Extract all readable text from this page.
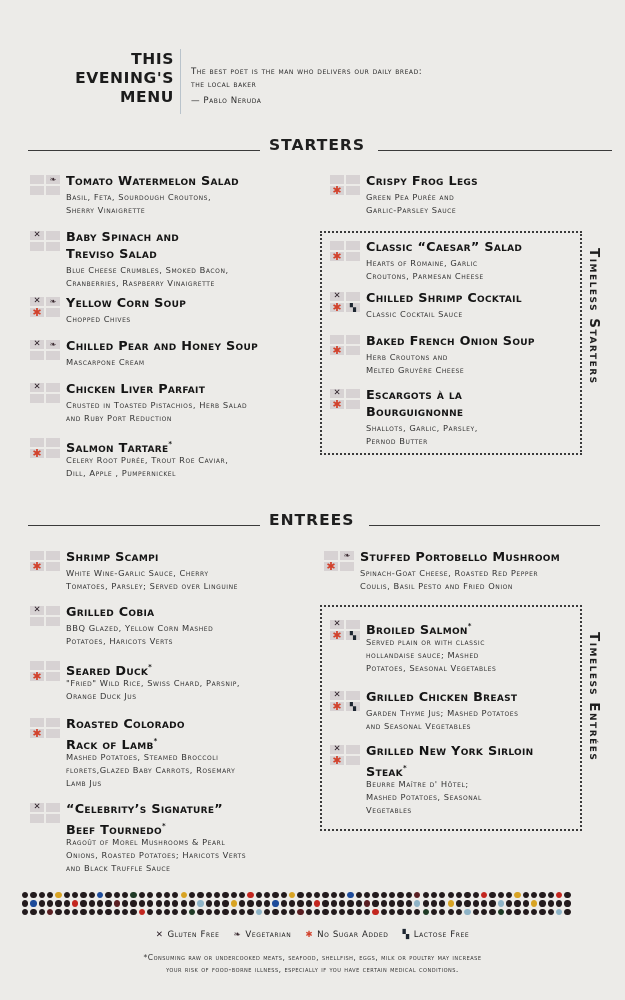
THIS
EVENING'S
MENU
The best poet is the man who delivers our daily bread:
the local baker
— Pablo Neruda
STARTERS
❧ Tomato Watermelon Salad
Basil, Feta, Sourdough Croutons,
Sherry Vinaigrette
✕ Baby Spinach and
Treviso Salad
Blue Cheese Crumbles, Smoked Bacon,
Cranberries, Raspberry Vinaigrette
✕	❧
✱
Yellow Corn Soup
Chopped Chives
✕	❧ Chilled Pear and Honey Soup
Mascarpone Cream
✕ Chicken Liver Parfait
Crusted in Toasted Pistachios, Herb Salad
and Ruby Port Reduction
✱ Salmon Tartare*
Celery Root Purée, Trout Roe Caviar,
Dill, Apple , Pumpernickel
✱
Crispy Frog Legs
Green Pea Purée and
Garlic-Parsley Sauce
✱
Classic “Caesar” Salad
Hearts of Romaine, Garlic
Croutons, Parmesan Cheese
✕
✱	▚
Chilled Shrimp Cocktail
Classic Cocktail Sauce
✱
Baked French Onion Soup
Herb Croutons and
Melted Gruyère Cheese
✕
✱
Escargots à la
Bourguignonne
Shallots, Garlic, Parsley,
Pernod Butter
✱
Shrimp Scampi
White Wine-Garlic Sauce, Cherry
Tomatoes, Parsley; Served over Linguine
✕ Grilled Cobia
BBQ Glazed, Yellow Corn Mashed
Potatoes, Haricots Verts
✱ Seared Duck*
"Fried" Wild Rice, Swiss Chard, Parsnip,
Orange Duck Jus
✱
Roasted Colorado
Rack of Lamb*
Mashed Potatoes, Steamed Broccoli
florets,Glazed Baby Carrots, Rosemary
Lamb Jus
✕ “Celebrity’s Signature”
Beef Tournedo*
Ragoût of Morel Mushrooms & Pearl
Onions, Roasted Potatoes; Haricots Verts
and Black Truffle Sauce
❧
✱
Stuffed Portobello Mushroom
Spinach-Goat Cheese, Roasted Red Pepper
Coulis, Basil Pesto and Fried Onion
✕
✱	▚ Broiled Salmon*
Served plain or with classic
hollandaise sauce; Mashed
Potatoes, Seasonal Vegetables
✕
✱	▚
Grilled Chicken Breast
Garden Thyme Jus; Mashed Potatoes
and Seasonal Vegetables
✕
✱
Grilled New York Sirloin
Steak*
Beurre Maître d' Hôtel;
Mashed Potatoes, Seasonal
Vegetables
Timeless Starters
ENTREES
Timeless Entrées
✕ Gluten Free ❧ Vegetarian ✱ No Sugar Added ▚ Lactose Free
*Consuming raw or undercooked meats, seafood, shellfish, eggs, milk or poultry may increase
your risk of food-borne illness, especially if you have certain medical conditions.
